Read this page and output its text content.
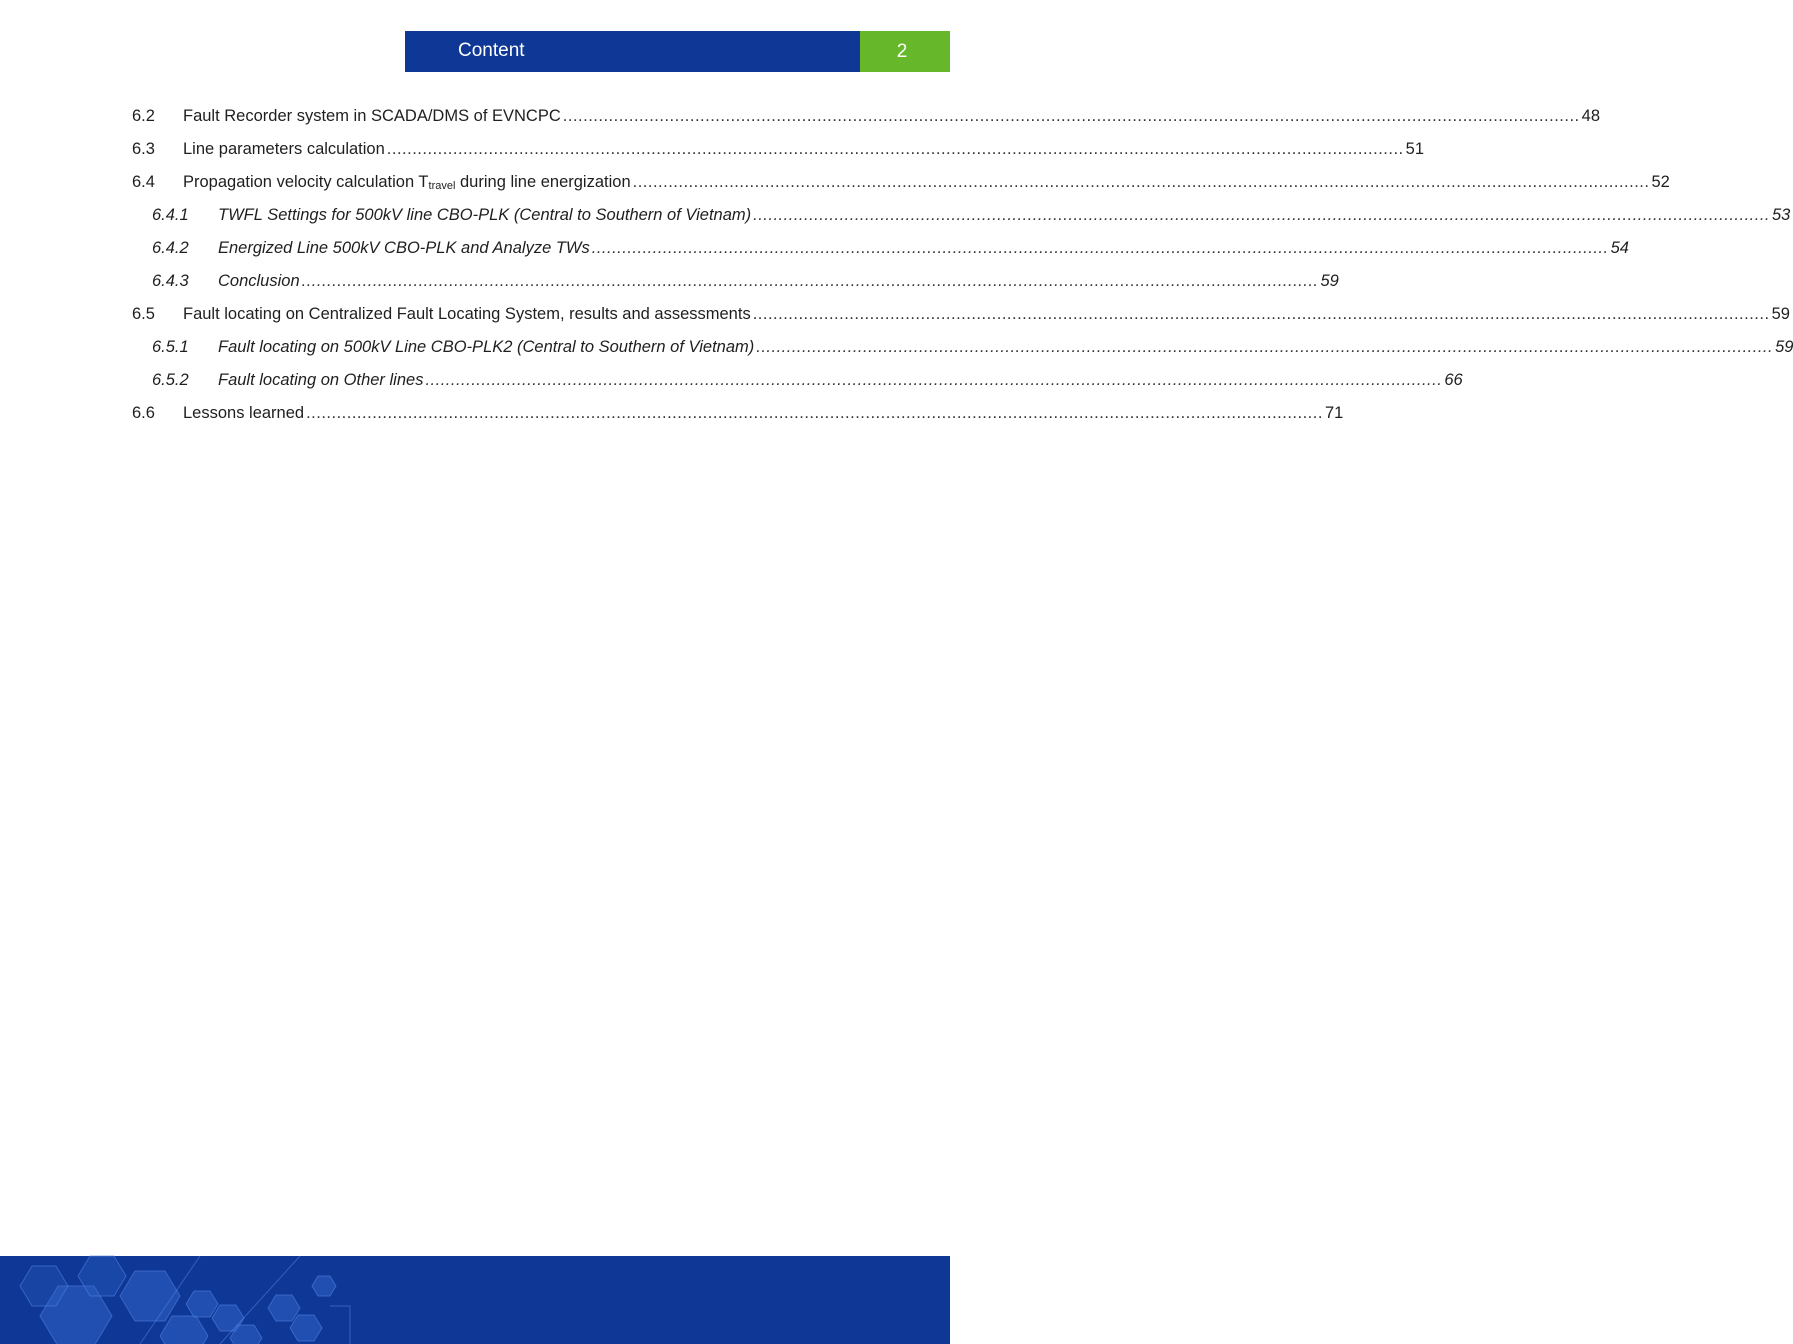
Content	2
6.2	Fault Recorder system in SCADA/DMS of EVNCPC ........................................................................................................................................................................................................ 48
6.3	Line parameters calculation ........................................................................................................................................................................................................ 51
6.4	Propagation velocity calculation $T_{travel}$ during line energization ........................................................................................................................................................................................................ 52
6.4.1	TWFL Settings for 500kV line CBO-PLK (Central to Southern of Vietnam) ........................................................................................................................................................................................................ 53
6.4.2	Energized Line 500kV CBO-PLK and Analyze TWs ........................................................................................................................................................................................................ 54
6.4.3	Conclusion ........................................................................................................................................................................................................ 59
6.5	Fault locating on Centralized Fault Locating System, results and assessments ........................................................................................................................................................................................................ 59
6.5.1	Fault locating on 500kV Line CBO-PLK2 (Central to Southern of Vietnam) ........................................................................................................................................................................................................ 59
6.5.2	Fault locating on Other lines ........................................................................................................................................................................................................ 66
6.6	Lessons learned ........................................................................................................................................................................................................ 71
